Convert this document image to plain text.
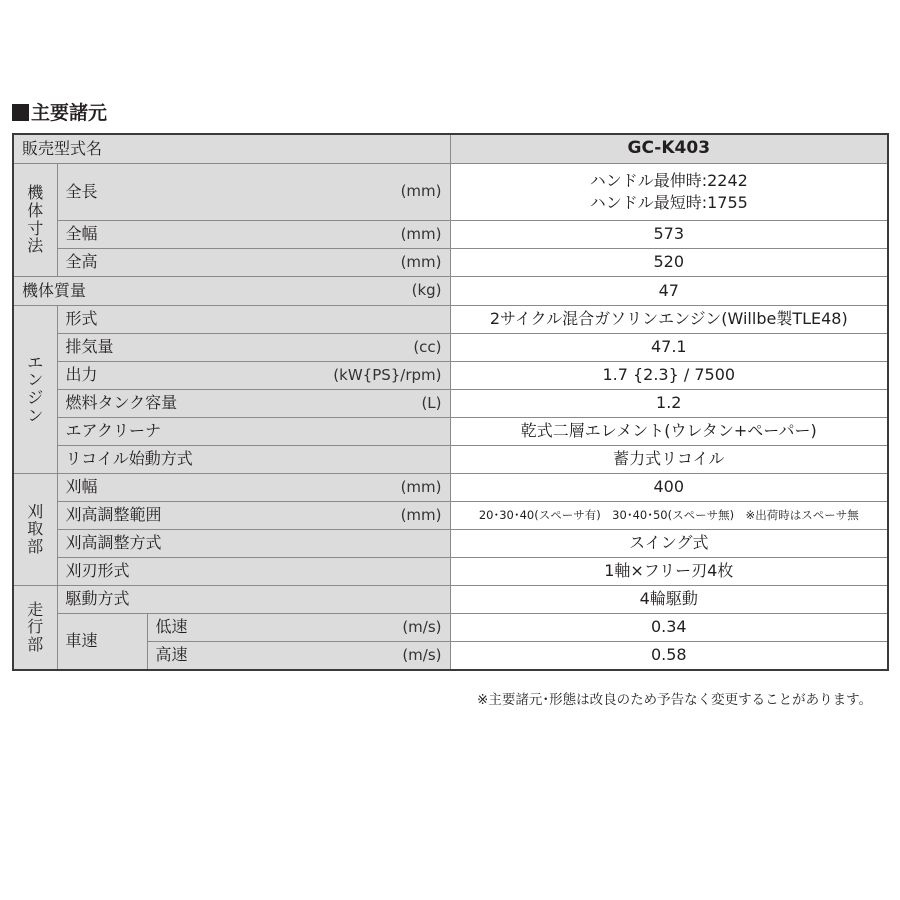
主要諸元
販売型式名			GC-K403

機
体
寸
法	全長 (mm)		ハンドル最伸時:2242
ハンドル最短時:1755

	全幅 (mm)		573

	全高 (mm)		520

機体質量 (kg)			47

エ
ン
ジ
ン	形式		2サイクル混合ガソリンエンジン(Willbe製TLE48)

	排気量 (cc)		47.1

	出力 (kW{PS}/rpm)		1.7 {2.3} / 7500

	燃料タンク容量 (L)		1.2

	エアクリーナ		乾式二層エレメント(ウレタン+ペーパー)

	リコイル始動方式		蓄力式リコイル

刈
取
部	刈幅 (mm)		400

	刈高調整範囲 (mm)		20･30･40(スペーサ有)　30･40･50(スペーサ無)　※出荷時はスペーサ無

	刈高調整方式		スイング式

	刈刃形式		1軸×フリー刃4枚

走
行
部	駆動方式		4輪駆動
	車速	低速 (m/s)	0.34

		高速 (m/s)	0.58
※主要諸元･形態は改良のため予告なく変更することがあります。
